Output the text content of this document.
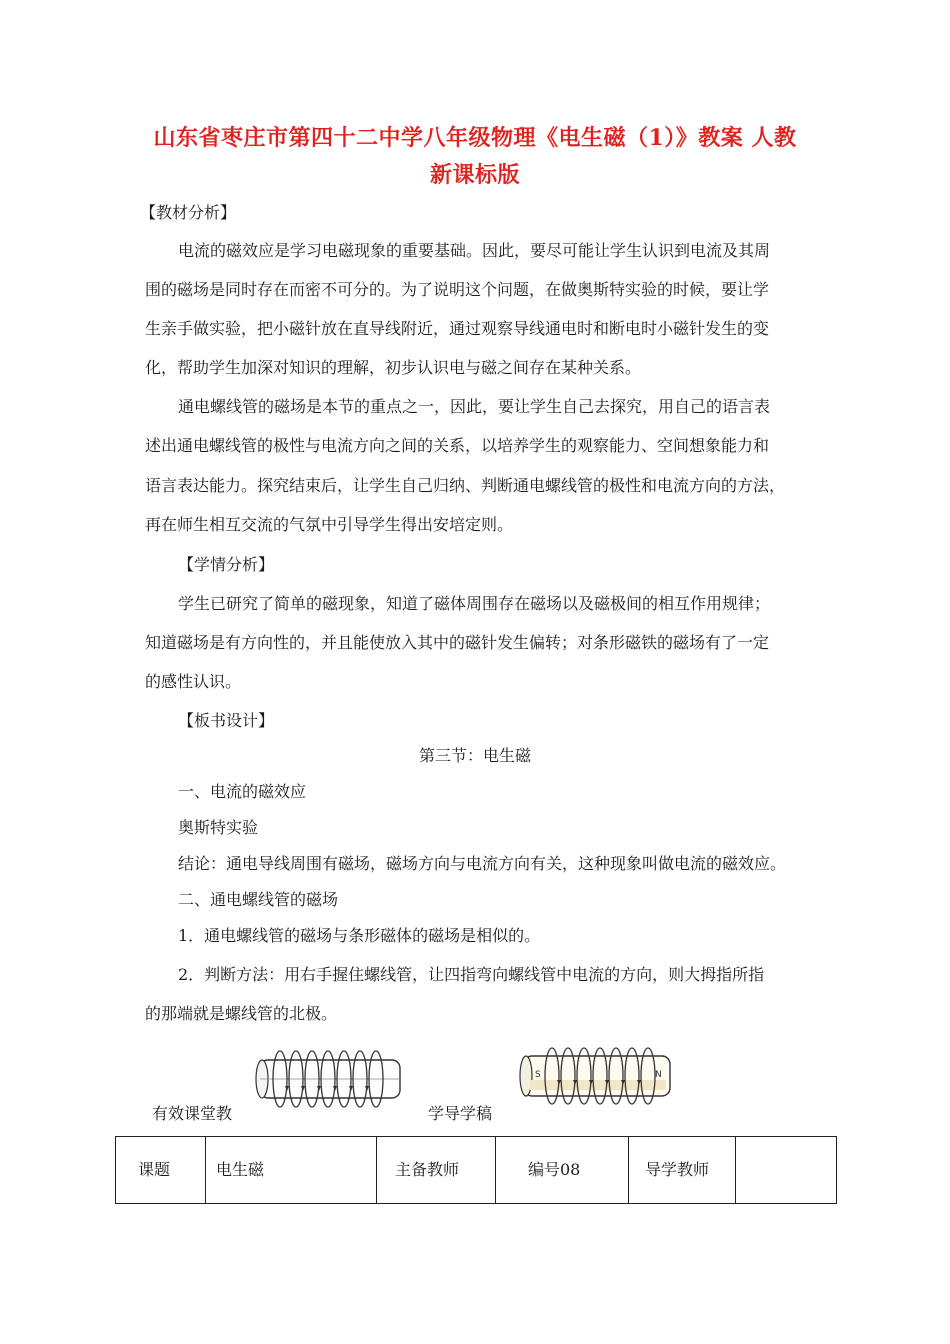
山东省枣庄市第四十二中学八年级物理《电生磁（1）》教案 人教
新课标版
【教材分析】
电流的磁效应是学习电磁现象的重要基础。因此，要尽可能让学生认识到电流及其周
围的磁场是同时存在而密不可分的。为了说明这个问题，在做奥斯特实验的时候，要让学
生亲手做实验，把小磁针放在直导线附近，通过观察导线通电时和断电时小磁针发生的变
化，帮助学生加深对知识的理解，初步认识电与磁之间存在某种关系。
通电螺线管的磁场是本节的重点之一，因此，要让学生自己去探究，用自己的语言表
述出通电螺线管的极性与电流方向之间的关系，以培养学生的观察能力、空间想象能力和
语言表达能力。探究结束后，让学生自己归纳、判断通电螺线管的极性和电流方向的方法，
再在师生相互交流的气氛中引导学生得出安培定则。
【学情分析】
学生已研究了简单的磁现象，知道了磁体周围存在磁场以及磁极间的相互作用规律；
知道磁场是有方向性的，并且能使放入其中的磁针发生偏转；对条形磁铁的磁场有了一定
的感性认识。
【板书设计】
第三节：电生磁
一、电流的磁效应
奥斯特实验
结论：通电导线周围有磁场，磁场方向与电流方向有关，这种现象叫做电流的磁效应。
二、通电螺线管的磁场
1．通电螺线管的磁场与条形磁体的磁场是相似的。
2．判断方法：用右手握住螺线管，让四指弯向螺线管中电流的方向，则大拇指所指
的那端就是螺线管的北极。
S	N
有效课堂教	学导学稿
课题	电生磁	主备教师	编号08	导学教师	
